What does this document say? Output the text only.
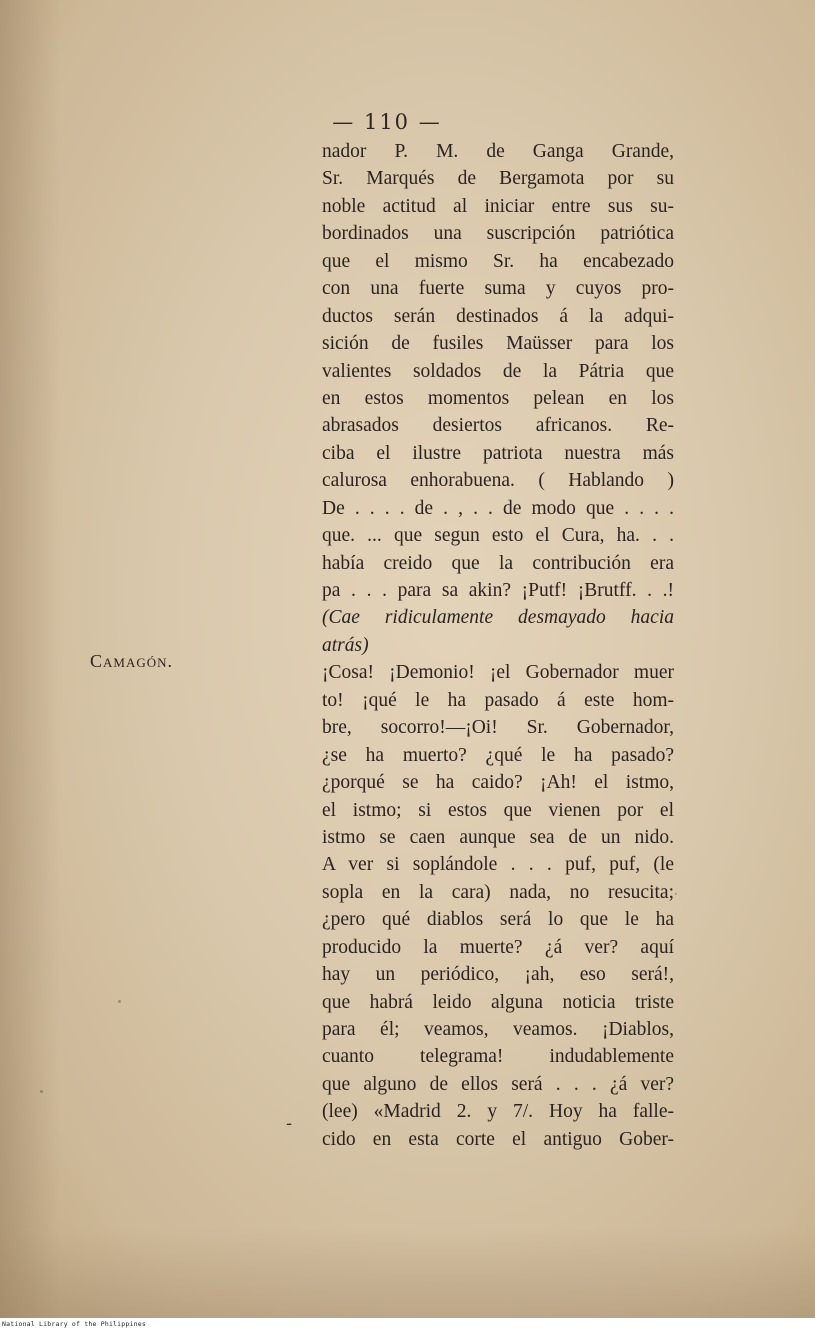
— 110 —
Camagón.
nador P. M. de Ganga Grande,
Sr. Marqués de Bergamota por su
noble actitud al iniciar entre sus su-
bordinados una suscripción patriótica
que el mismo Sr. ha encabezado
con una fuerte suma y cuyos pro-
ductos serán destinados á la adqui-
sición de fusiles Maüsser para los
valientes soldados de la Pátria que
en estos momentos pelean en los
abrasados desiertos africanos. Re-
ciba el ilustre patriota nuestra más
calurosa enhorabuena. ( Hablando )
De . . . . de . , . . de modo que . . . .
que. ... que segun esto el Cura, ha. . .
había creido que la contribución era
pa . . . para sa akin? ¡Putf! ¡Brutff. . .!
(Cae ridiculamente desmayado hacia
atrás)
¡Cosa! ¡Demonio! ¡el Gobernador muer
to! ¡qué le ha pasado á este hom-
bre, socorro!—¡Oi! Sr. Gobernador,
¿se ha muerto? ¿qué le ha pasado?
¿porqué se ha caido? ¡Ah! el istmo,
el istmo; si estos que vienen por el
istmo se caen aunque sea de un nido.
A ver si soplándole . . . puf, puf, (le
sopla en la cara) nada, no resucita;
¿pero qué diablos será lo que le ha
producido la muerte? ¿á ver? aquí
hay un periódico, ¡ah, eso será!,
que habrá leido alguna noticia triste
para él; veamos, veamos. ¡Diablos,
cuanto telegrama! indudablemente
que alguno de ellos será . . . ¿á ver?
(lee) «Madrid 2. y 7/. Hoy ha falle-
cido en esta corte el antiguo Gober-
-
National Library of the Philippines
